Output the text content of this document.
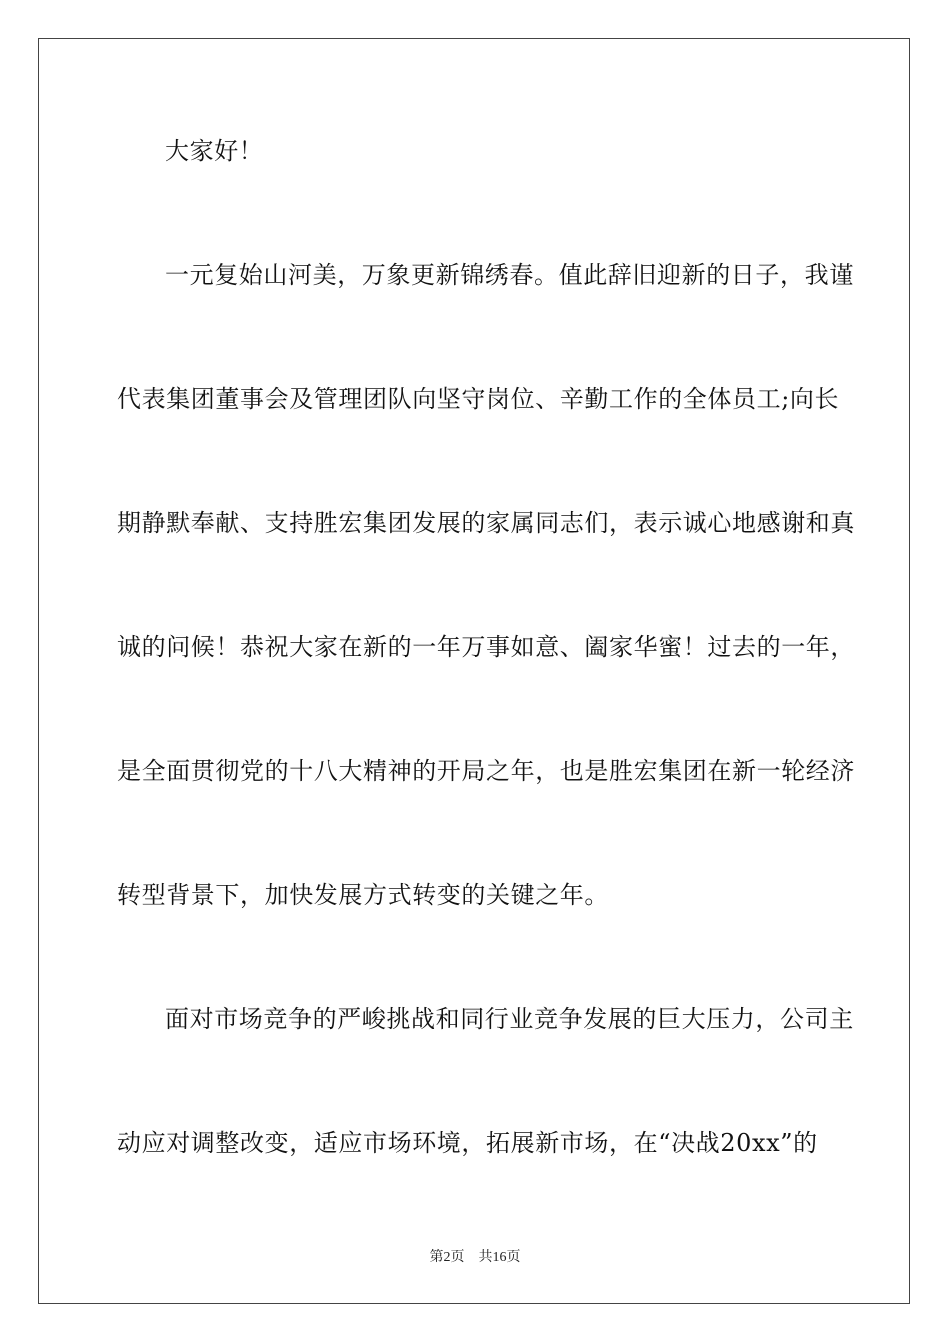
大家好！
一元复始山河美，万象更新锦绣春。值此辞旧迎新的日子，我谨
代表集团董事会及管理团队向坚守岗位、辛勤工作的全体员工;向长
期静默奉献、支持胜宏集团发展的家属同志们，表示诚心地感谢和真
诚的问候！恭祝大家在新的一年万事如意、阖家华蜜！过去的一年，
是全面贯彻党的十八大精神的开局之年，也是胜宏集团在新一轮经济
转型背景下，加快发展方式转变的关键之年。
面对市场竞争的严峻挑战和同行业竞争发展的巨大压力，公司主
动应对调整改变，适应市场环境，拓展新市场，在“决战20xx”的
第2页 共16页
